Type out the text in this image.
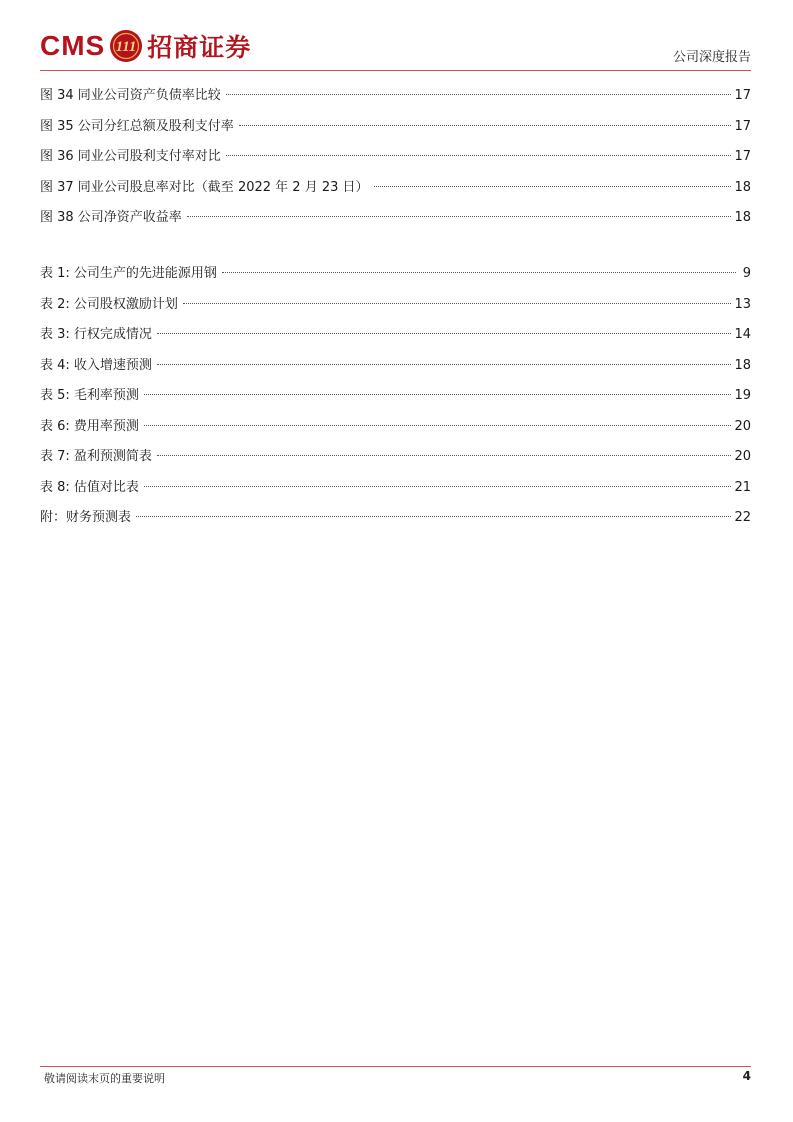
CMS 111 招商证券	公司深度报告
图 34 同业公司资产负债率比较	17
图 35 公司分红总额及股利支付率	17
图 36 同业公司股利支付率对比	17
图 37 同业公司股息率对比（截至 2022 年 2 月 23 日）	18
图 38 公司净资产收益率	18
表 1: 公司生产的先进能源用钢	9
表 2: 公司股权激励计划	13
表 3: 行权完成情况	14
表 4: 收入增速预测	18
表 5: 毛利率预测	19
表 6: 费用率预测	20
表 7: 盈利预测简表	20
表 8: 估值对比表	21
附：财务预测表	22
敬请阅读末页的重要说明	4
